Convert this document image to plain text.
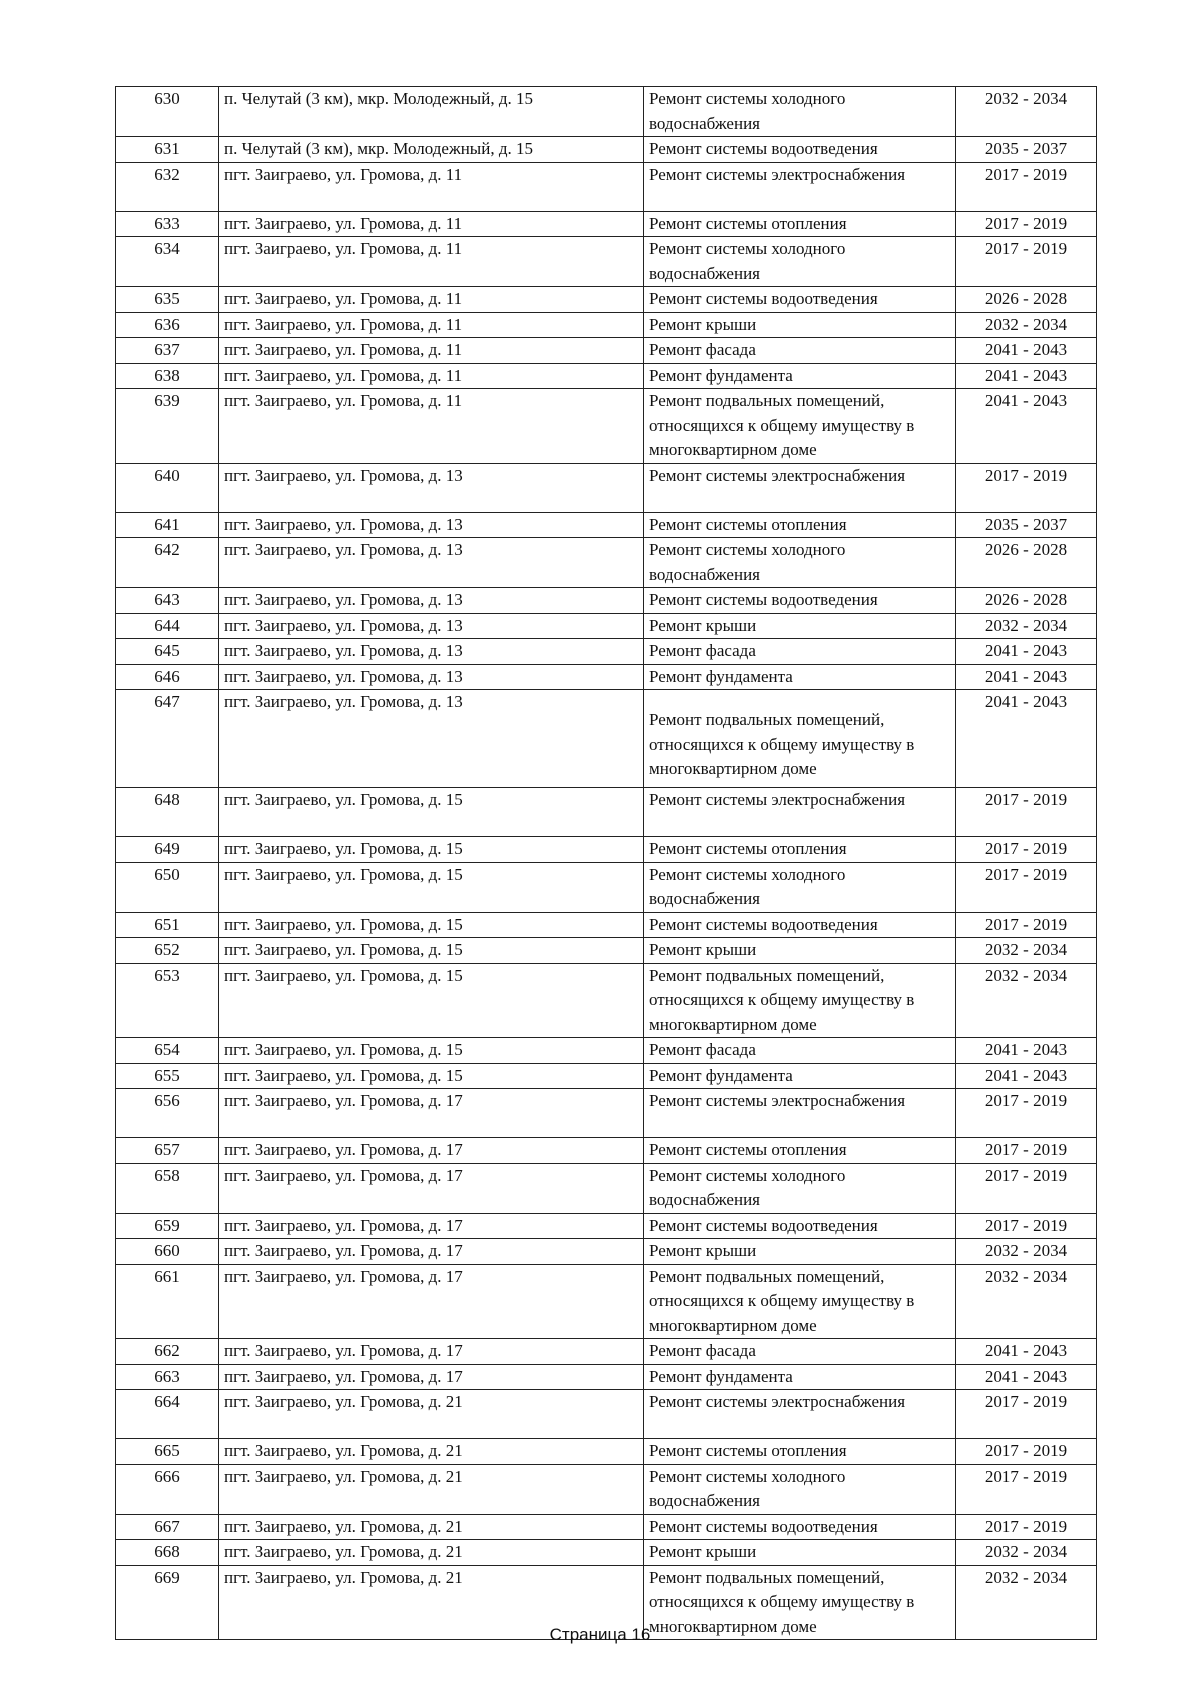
630	п. Челутай (3 км), мкр. Молодежный, д. 15	Ремонт системы холодного водоснабжения	2032 - 2034
631	п. Челутай (3 км), мкр. Молодежный, д. 15	Ремонт системы водоотведения	2035 - 2037
632	пгт. Заиграево, ул. Громова, д. 11	Ремонт системы электроснабжения	2017 - 2019
633	пгт. Заиграево, ул. Громова, д. 11	Ремонт системы отопления	2017 - 2019
634	пгт. Заиграево, ул. Громова, д. 11	Ремонт системы холодного водоснабжения	2017 - 2019
635	пгт. Заиграево, ул. Громова, д. 11	Ремонт системы водоотведения	2026 - 2028
636	пгт. Заиграево, ул. Громова, д. 11	Ремонт крыши	2032 - 2034
637	пгт. Заиграево, ул. Громова, д. 11	Ремонт фасада	2041 - 2043
638	пгт. Заиграево, ул. Громова, д. 11	Ремонт фундамента	2041 - 2043
639	пгт. Заиграево, ул. Громова, д. 11	Ремонт подвальных помещений, относящихся к общему имуществу в многоквартирном доме	2041 - 2043
640	пгт. Заиграево, ул. Громова, д. 13	Ремонт системы электроснабжения	2017 - 2019
641	пгт. Заиграево, ул. Громова, д. 13	Ремонт системы отопления	2035 - 2037
642	пгт. Заиграево, ул. Громова, д. 13	Ремонт системы холодного водоснабжения	2026 - 2028
643	пгт. Заиграево, ул. Громова, д. 13	Ремонт системы водоотведения	2026 - 2028
644	пгт. Заиграево, ул. Громова, д. 13	Ремонт крыши	2032 - 2034
645	пгт. Заиграево, ул. Громова, д. 13	Ремонт фасада	2041 - 2043
646	пгт. Заиграево, ул. Громова, д. 13	Ремонт фундамента	2041 - 2043
647	пгт. Заиграево, ул. Громова, д. 13	Ремонт подвальных помещений, относящихся к общему имуществу в многоквартирном доме	2041 - 2043
648	пгт. Заиграево, ул. Громова, д. 15	Ремонт системы электроснабжения	2017 - 2019
649	пгт. Заиграево, ул. Громова, д. 15	Ремонт системы отопления	2017 - 2019
650	пгт. Заиграево, ул. Громова, д. 15	Ремонт системы холодного водоснабжения	2017 - 2019
651	пгт. Заиграево, ул. Громова, д. 15	Ремонт системы водоотведения	2017 - 2019
652	пгт. Заиграево, ул. Громова, д. 15	Ремонт крыши	2032 - 2034
653	пгт. Заиграево, ул. Громова, д. 15	Ремонт подвальных помещений, относящихся к общему имуществу в многоквартирном доме	2032 - 2034
654	пгт. Заиграево, ул. Громова, д. 15	Ремонт фасада	2041 - 2043
655	пгт. Заиграево, ул. Громова, д. 15	Ремонт фундамента	2041 - 2043
656	пгт. Заиграево, ул. Громова, д. 17	Ремонт системы электроснабжения	2017 - 2019
657	пгт. Заиграево, ул. Громова, д. 17	Ремонт системы отопления	2017 - 2019
658	пгт. Заиграево, ул. Громова, д. 17	Ремонт системы холодного водоснабжения	2017 - 2019
659	пгт. Заиграево, ул. Громова, д. 17	Ремонт системы водоотведения	2017 - 2019
660	пгт. Заиграево, ул. Громова, д. 17	Ремонт крыши	2032 - 2034
661	пгт. Заиграево, ул. Громова, д. 17	Ремонт подвальных помещений, относящихся к общему имуществу в многоквартирном доме	2032 - 2034
662	пгт. Заиграево, ул. Громова, д. 17	Ремонт фасада	2041 - 2043
663	пгт. Заиграево, ул. Громова, д. 17	Ремонт фундамента	2041 - 2043
664	пгт. Заиграево, ул. Громова, д. 21	Ремонт системы электроснабжения	2017 - 2019
665	пгт. Заиграево, ул. Громова, д. 21	Ремонт системы отопления	2017 - 2019
666	пгт. Заиграево, ул. Громова, д. 21	Ремонт системы холодного водоснабжения	2017 - 2019
667	пгт. Заиграево, ул. Громова, д. 21	Ремонт системы водоотведения	2017 - 2019
668	пгт. Заиграево, ул. Громова, д. 21	Ремонт крыши	2032 - 2034
669	пгт. Заиграево, ул. Громова, д. 21	Ремонт подвальных помещений, относящихся к общему имуществу в многоквартирном доме	2032 - 2034
Страница 16
